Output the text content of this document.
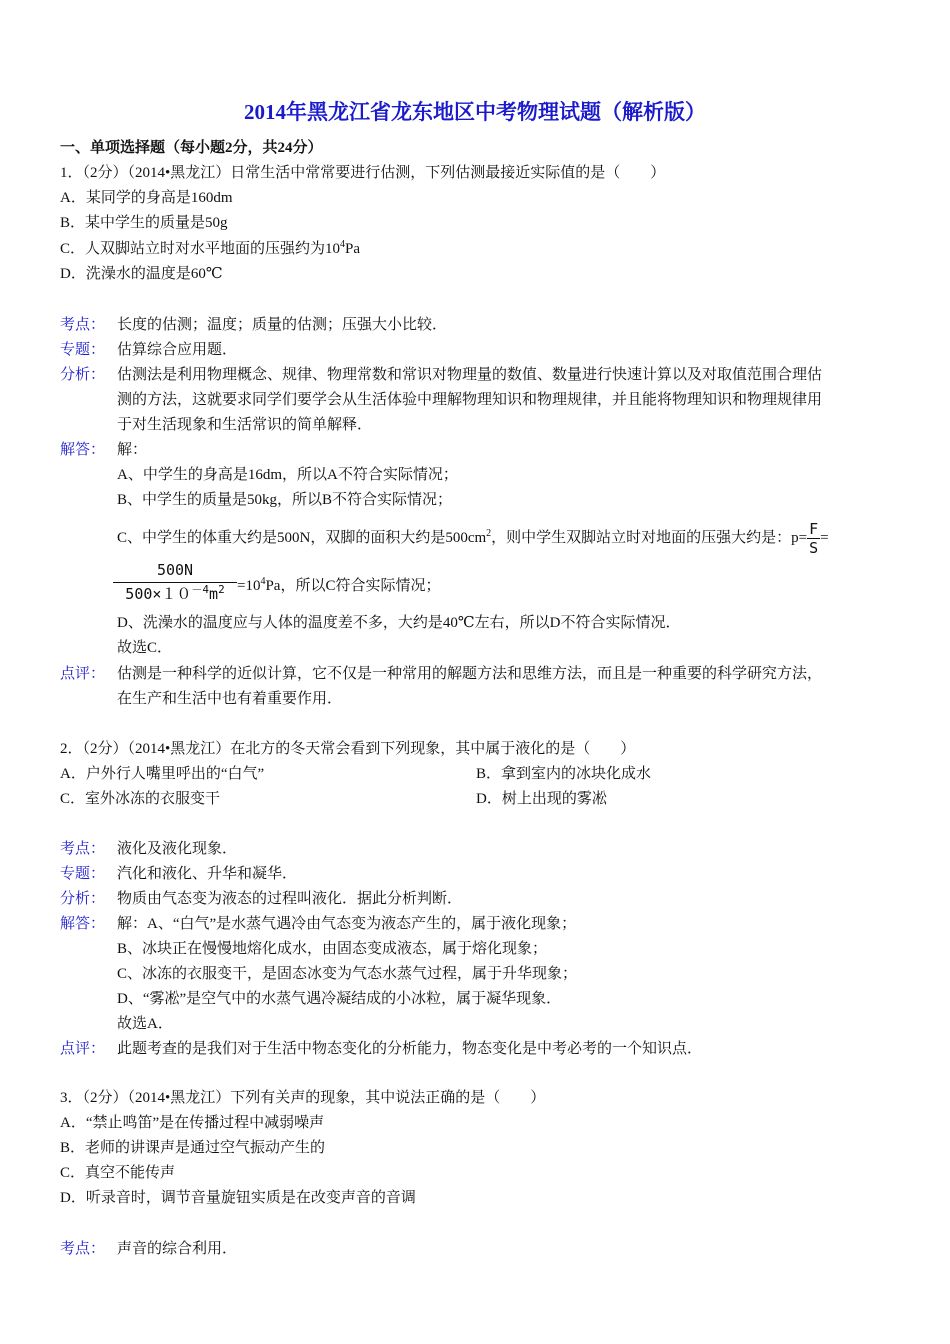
2014年黑龙江省龙东地区中考物理试题（解析版）
一、单项选择题（每小题2分，共24分）
1．（2分）（2014•黑龙江）日常生活中常常要进行估测，下列估测最接近实际值的是（　　）
A．某同学的身高是160dm
B．某中学生的质量是50g
C．人双脚站立时对水平地面的压强约为$10^4Pa$
D．洗澡水的温度是60℃
考点： 长度的估测；温度；质量的估测；压强大小比较．
专题： 估算综合应用题．
分析： 估测法是利用物理概念、规律、物理常数和常识对物理量的数值、数量进行快速计算以及对取值范围合理估
测的方法，这就要求同学们要学会从生活体验中理解物理知识和物理规律，并且能将物理知识和物理规律用
于对生活现象和生活常识的简单解释．
解答： 解：
A、中学生的身高是16dm，所以A不符合实际情况；
B、中学生的质量是50kg，所以B不符合实际情况；
C、中学生的体重大约是500N，双脚的面积大约是$500cm^2$，则中学生双脚站立时对地面的压强大约是：$p= \frac{F}{S}$ =
$\frac{500N}{500\times 10^{-4}m^2} =10^4Pa$，所以C符合实际情况；
D、洗澡水的温度应与人体的温度差不多，大约是40℃左右，所以D不符合实际情况．
故选C．
点评： 估测是一种科学的近似计算，它不仅是一种常用的解题方法和思维方法，而且是一种重要的科学研究方法，
在生产和生活中也有着重要作用．
2．（2分）（2014•黑龙江）在北方的冬天常会看到下列现象，其中属于液化的是（　　）
A．户外行人嘴里呼出的“白气”	B．拿到室内的冰块化成水
C．室外冰冻的衣服变干	D．树上出现的雾凇
考点： 液化及液化现象．
专题： 汽化和液化、升华和凝华．
分析： 物质由气态变为液态的过程叫液化．据此分析判断．
解答： 解：A、“白气”是水蒸气遇冷由气态变为液态产生的，属于液化现象；
B、冰块正在慢慢地熔化成水，由固态变成液态，属于熔化现象；
C、冰冻的衣服变干，是固态冰变为气态水蒸气过程，属于升华现象；
D、“雾凇”是空气中的水蒸气遇冷凝结成的小冰粒，属于凝华现象．
故选A．
点评： 此题考查的是我们对于生活中物态变化的分析能力，物态变化是中考必考的一个知识点．
3．（2分）（2014•黑龙江）下列有关声的现象，其中说法正确的是（　　）
A．“禁止鸣笛”是在传播过程中减弱噪声
B．老师的讲课声是通过空气振动产生的
C．真空不能传声
D．听录音时，调节音量旋钮实质是在改变声音的音调
考点： 声音的综合利用．
